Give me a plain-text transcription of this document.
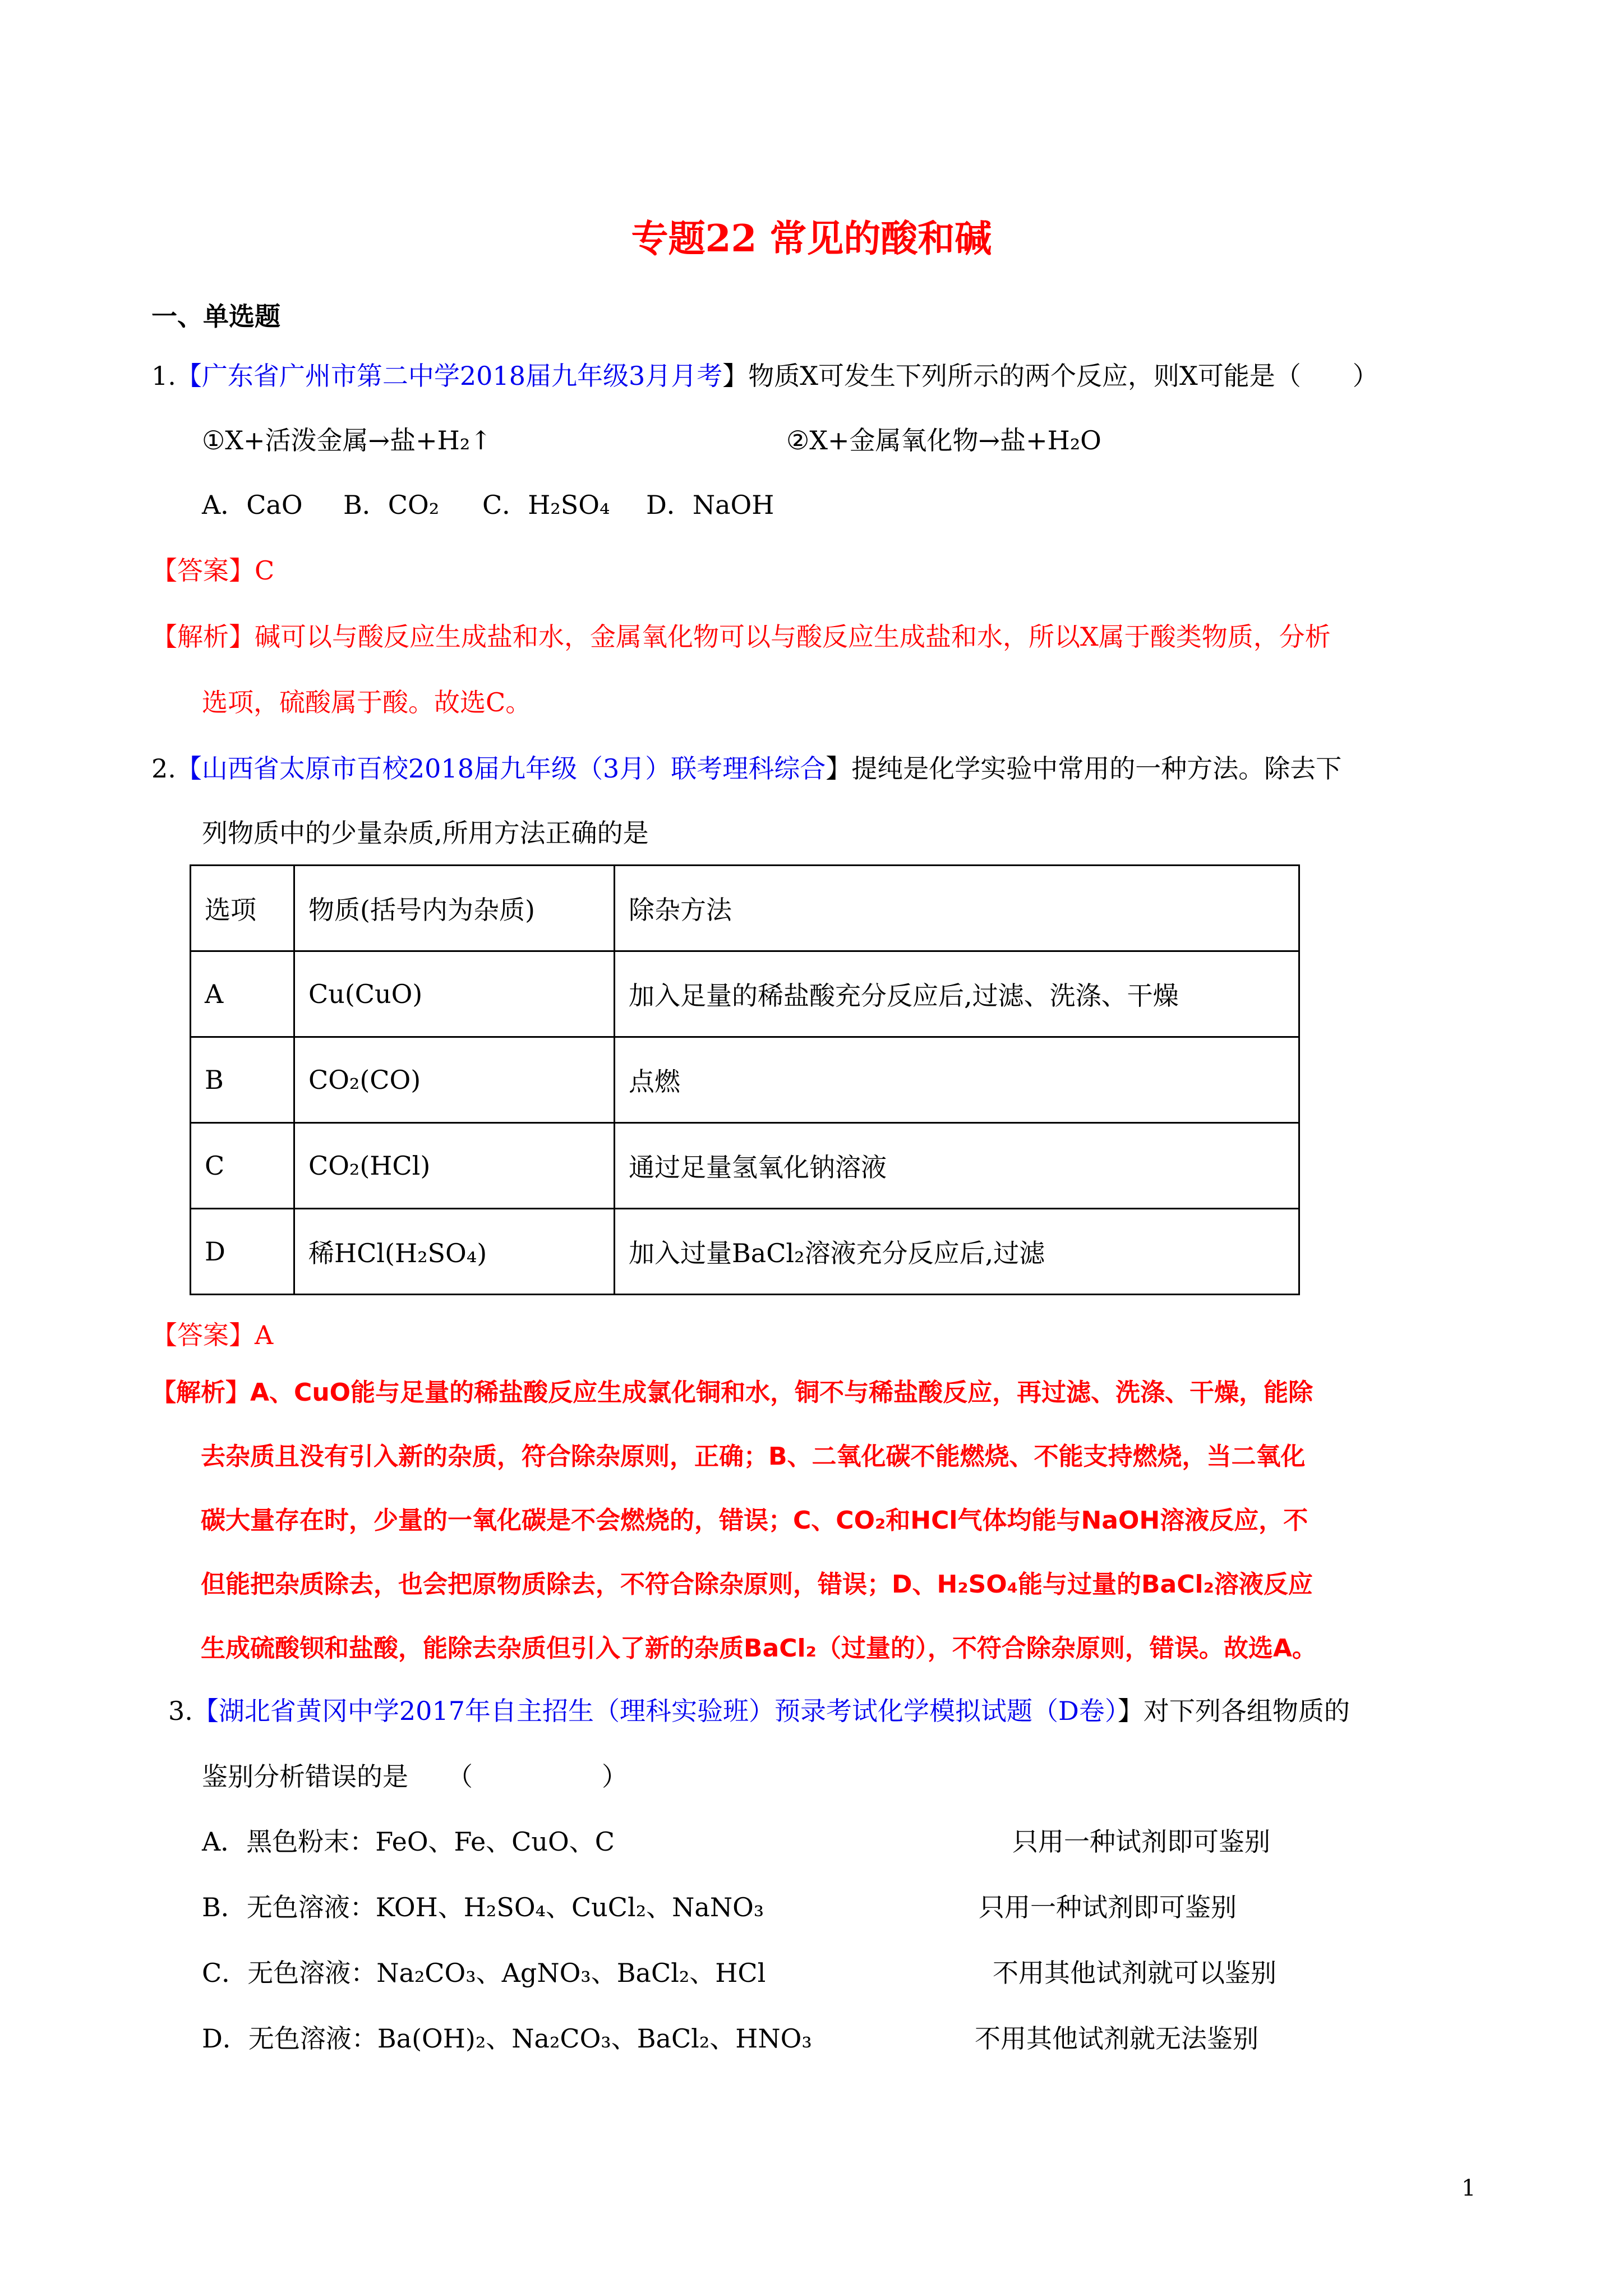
专题22 常见的酸和碱
一、单选题
1.【广东省广州市第二中学2018届九年级3月月考】物质X可发生下列所示的两个反应，则X可能是（　　）
①X+活泼金属→盐+H₂↑	②X+金属氧化物→盐+H₂O
A．CaO B．CO₂ C．H₂SO₄ D．NaOH
【答案】C
【解析】碱可以与酸反应生成盐和水，金属氧化物可以与酸反应生成盐和水，所以X属于酸类物质，分析
选项，硫酸属于酸。故选C。
2.【山西省太原市百校2018届九年级（3月）联考理科综合】提纯是化学实验中常用的一种方法。除去下
列物质中的少量杂质,所用方法正确的是
选项	物质(括号内为杂质)	除杂方法
A	Cu(CuO)	加入足量的稀盐酸充分反应后,过滤、洗涤、干燥
B	CO₂(CO)	点燃
C	CO₂(HCl)	通过足量氢氧化钠溶液
D	稀HCl(H₂SO₄)	加入过量BaCl₂溶液充分反应后,过滤
【答案】A
【解析】A、CuO能与足量的稀盐酸反应生成氯化铜和水，铜不与稀盐酸反应，再过滤、洗涤、干燥，能除
去杂质且没有引入新的杂质，符合除杂原则，正确；B、二氧化碳不能燃烧、不能支持燃烧，当二氧化
碳大量存在时，少量的一氧化碳是不会燃烧的，错误；C、CO₂和HCl气体均能与NaOH溶液反应，不
但能把杂质除去，也会把原物质除去，不符合除杂原则，错误；D、H₂SO₄能与过量的BaCl₂溶液反应
生成硫酸钡和盐酸，能除去杂质但引入了新的杂质BaCl₂（过量的），不符合除杂原则，错误。故选A。
3.【湖北省黄冈中学2017年自主招生（理科实验班）预录考试化学模拟试题（D卷）】对下列各组物质的
鉴别分析错误的是　　（　　　　　）
A．黑色粉末：FeO、Fe、CuO、C	只用一种试剂即可鉴别
B．无色溶液：KOH、H₂SO₄、CuCl₂、NaNO₃	只用一种试剂即可鉴别
C．无色溶液：Na₂CO₃、AgNO₃、BaCl₂、HCl	不用其他试剂就可以鉴别
D．无色溶液：Ba(OH)₂、Na₂CO₃、BaCl₂、HNO₃	不用其他试剂就无法鉴别
1
